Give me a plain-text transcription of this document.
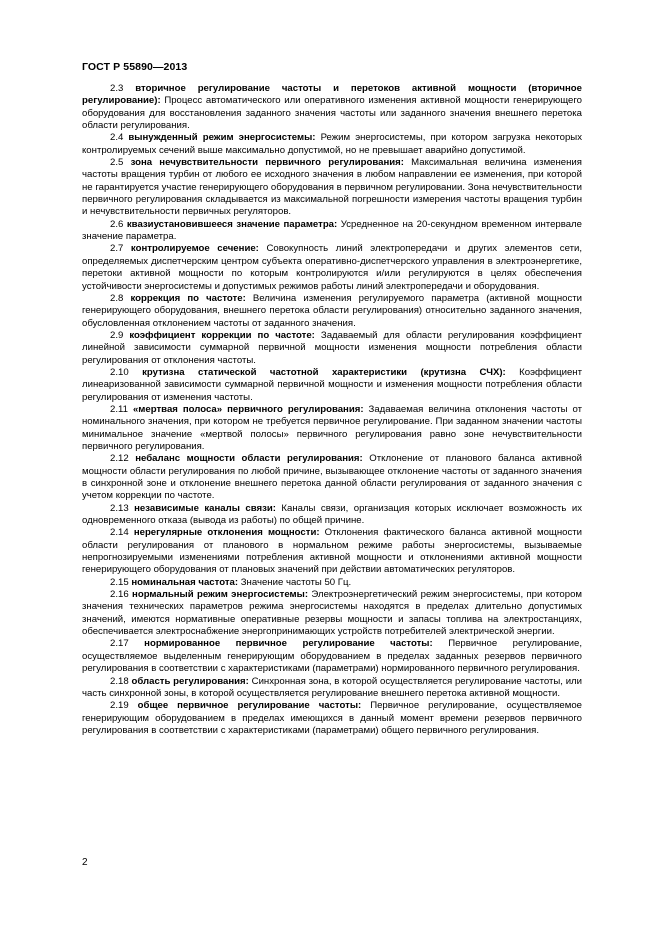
ГОСТ Р 55890—2013

2.3 вторичное регулирование частоты и перетоков активной мощности (вторичное регулирование): Процесс автоматического или оперативного изменения активной мощности генерирующего оборудования для восстановления заданного значения частоты или заданного значения внешнего перетока области регулирования.

2.4 вынужденный режим энергосистемы: Режим энергосистемы, при котором загрузка некоторых контролируемых сечений выше максимально допустимой, но не превышает аварийно допустимой.

2.5 зона нечувствительности первичного регулирования: Максимальная величина изменения частоты вращения турбин от любого ее исходного значения в любом направлении ее изменения, при которой не гарантируется участие генерирующего оборудования в первичном регулировании. Зона нечувствительности первичного регулирования складывается из максимальной погрешности измерения частоты вращения турбин и нечувствительности первичных регуляторов.

2.6 квазиустановившееся значение параметра: Усредненное на 20-секундном временном интервале значение параметра.

2.7 контролируемое сечение: Совокупность линий электропередачи и других элементов сети, определяемых диспетчерским центром субъекта оперативно-диспетчерского управления в электроэнергетике, перетоки активной мощности по которым контролируются и/или регулируются в целях обеспечения устойчивости энергосистемы и допустимых режимов работы линий электропередачи и оборудования.

2.8 коррекция по частоте: Величина изменения регулируемого параметра (активной мощности генерирующего оборудования, внешнего перетока области регулирования) относительно заданного значения, обусловленная отклонением частоты от заданного значения.

2.9 коэффициент коррекции по частоте: Задаваемый для области регулирования коэффициент линейной зависимости суммарной первичной мощности изменения мощности потребления области регулирования от отклонения частоты.

2.10 крутизна статической частотной характеристики (крутизна СЧХ): Коэффициент линеаризованной зависимости суммарной первичной мощности и изменения мощности потребления области регулирования от изменения частоты.

2.11 «мертвая полоса» первичного регулирования: Задаваемая величина отклонения частоты от номинального значения, при котором не требуется первичное регулирование. При заданном значении частоты минимальное значение «мертвой полосы» первичного регулирования равно зоне нечувствительности первичного регулирования.

2.12 небаланс мощности области регулирования: Отклонение от планового баланса активной мощности области регулирования по любой причине, вызывающее отклонение частоты от заданного значения в синхронной зоне и отклонение внешнего перетока данной области регулирования от заданного значения с учетом коррекции по частоте.

2.13 независимые каналы связи: Каналы связи, организация которых исключает возможность их одновременного отказа (вывода из работы) по общей причине.

2.14 нерегулярные отклонения мощности: Отклонения фактического баланса активной мощности области регулирования от планового в нормальном режиме работы энергосистемы, вызываемые непрогнозируемыми изменениями потребления активной мощности и отклонениями активной мощности генерирующего оборудования от плановых значений при действии автоматических регуляторов.

2.15 номинальная частота: Значение частоты 50 Гц.

2.16 нормальный режим энергосистемы: Электроэнергетический режим энергосистемы, при котором значения технических параметров режима энергосистемы находятся в пределах длительно допустимых значений, имеются нормативные оперативные резервы мощности и запасы топлива на электростанциях, обеспечивается электроснабжение энергопринимающих устройств потребителей электрической энергии.

2.17 нормированное первичное регулирование частоты: Первичное регулирование, осуществляемое выделенным генерирующим оборудованием в пределах заданных резервов первичного регулирования в соответствии с характеристиками (параметрами) нормированного первичного регулирования.

2.18 область регулирования: Синхронная зона, в которой осуществляется регулирование частоты, или часть синхронной зоны, в которой осуществляется регулирование внешнего перетока активной мощности.

2.19 общее первичное регулирование частоты: Первичное регулирование, осуществляемое генерирующим оборудованием в пределах имеющихся в данный момент времени резервов первичного регулирования в соответствии с характеристиками (параметрами) общего первичного регулирования.

2
